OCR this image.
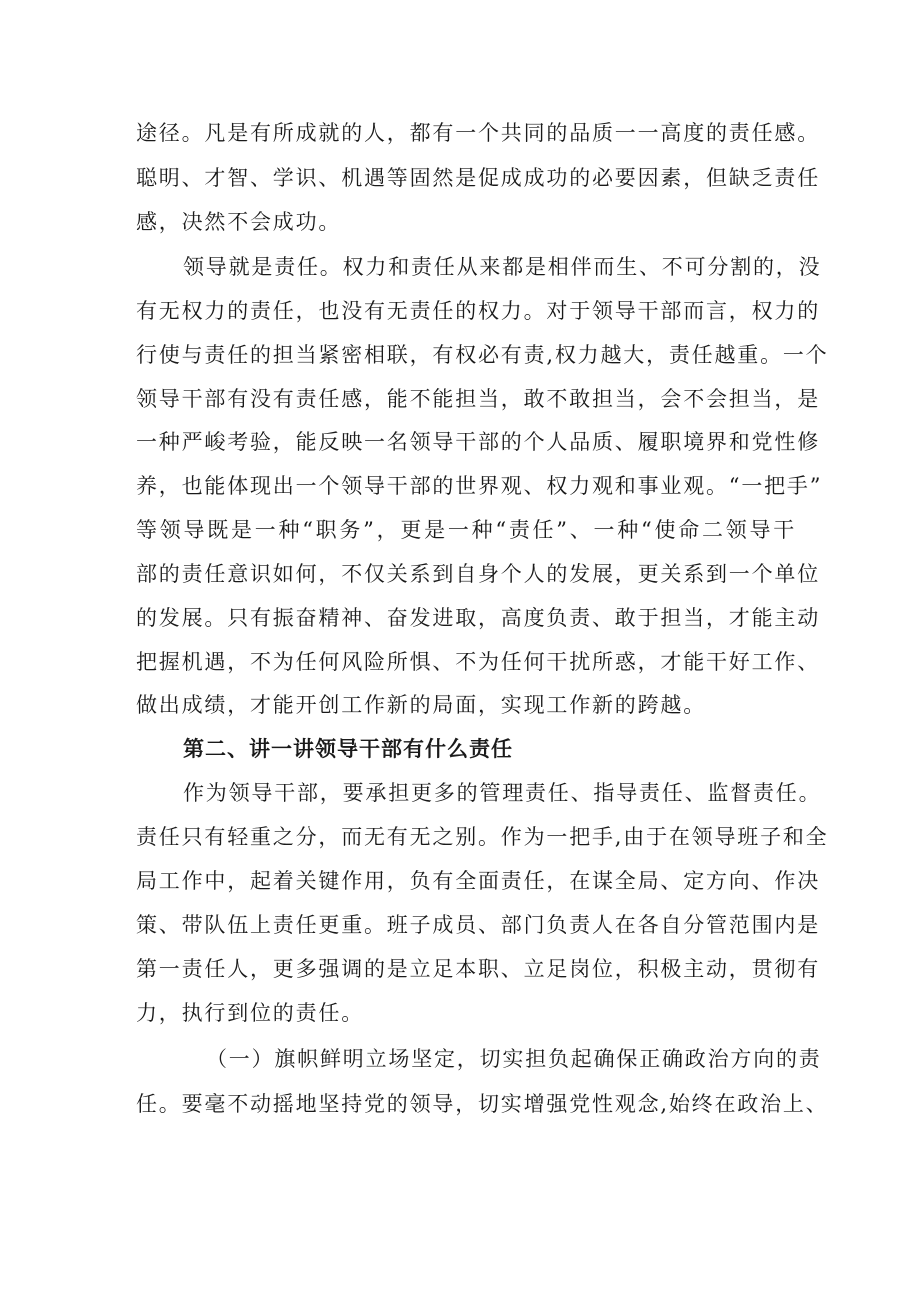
途径。凡是有所成就的人，都有一个共同的品质一一高度的责任感。
聪明、才智、学识、机遇等固然是促成成功的必要因素，但缺乏责任
感，决然不会成功。
领导就是责任。权力和责任从来都是相伴而生、不可分割的，没
有无权力的责任，也没有无责任的权力。对于领导干部而言，权力的
行使与责任的担当紧密相联，有权必有责,权力越大，责任越重。一个
领导干部有没有责任感，能不能担当，敢不敢担当，会不会担当，是
一种严峻考验，能反映一名领导干部的个人品质、履职境界和党性修
养，也能体现出一个领导干部的世界观、权力观和事业观。“一把手”
等领导既是一种“职务”，更是一种“责任”、一种“使命二领导干
部的责任意识如何，不仅关系到自身个人的发展，更关系到一个单位
的发展。只有振奋精神、奋发进取，高度负责、敢于担当，才能主动
把握机遇，不为任何风险所惧、不为任何干扰所惑，才能干好工作、
做出成绩，才能开创工作新的局面，实现工作新的跨越。
第二、讲一讲领导干部有什么责任
作为领导干部，要承担更多的管理责任、指导责任、监督责任。
责任只有轻重之分，而无有无之别。作为一把手,由于在领导班子和全
局工作中，起着关键作用，负有全面责任，在谋全局、定方向、作决
策、带队伍上责任更重。班子成员、部门负责人在各自分管范围内是
第一责任人，更多强调的是立足本职、立足岗位，积极主动，贯彻有
力，执行到位的责任。
（一）旗帜鲜明立场坚定，切实担负起确保正确政治方向的责
任。要毫不动摇地坚持党的领导，切实增强党性观念,始终在政治上、
